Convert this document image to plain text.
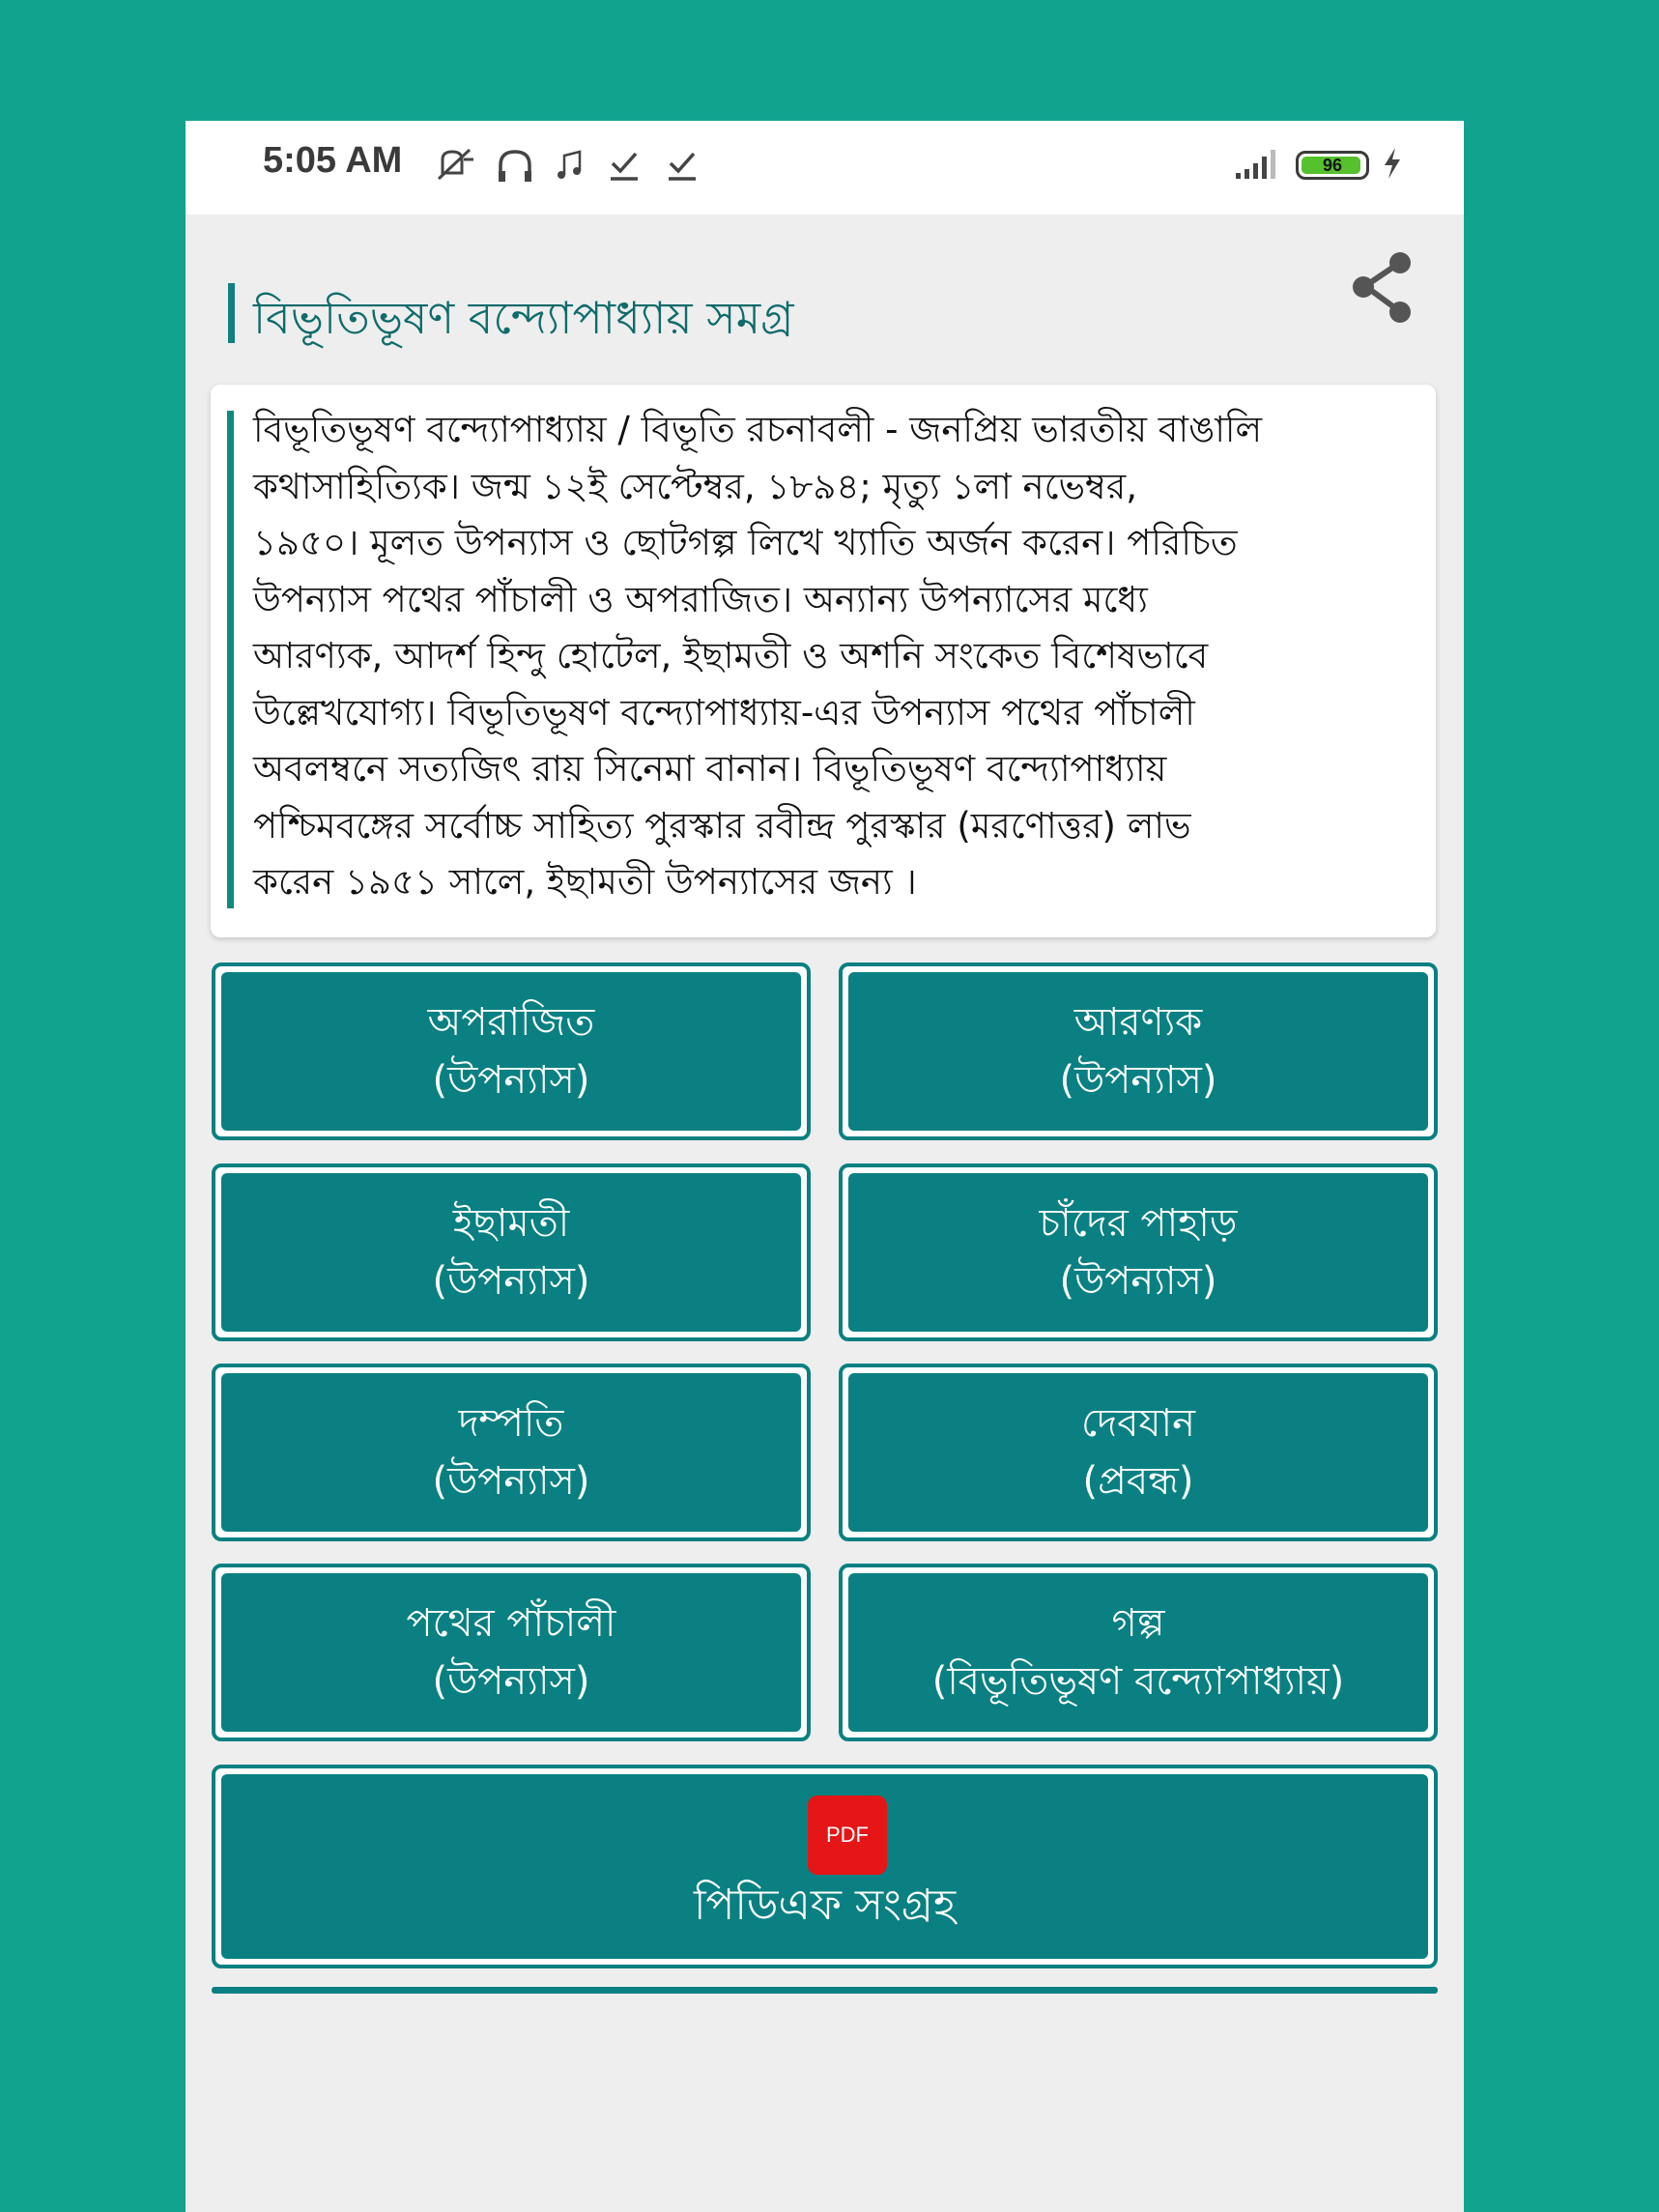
5:05 AM	96
বিভূতিভূষণ বন্দ্যোপাধ্যায় সমগ্র
বিভূতিভূষণ বন্দ্যোপাধ্যায় / বিভূতি রচনাবলী - জনপ্রিয় ভারতীয় বাঙালি
কথাসাহিত্যিক। জন্ম ১২ই সেপ্টেম্বর, ১৮৯৪; মৃত্যু ১লা নভেম্বর,
১৯৫০। মূলত উপন্যাস ও ছোটগল্প লিখে খ্যাতি অর্জন করেন। পরিচিত
উপন্যাস পথের পাঁচালী ও অপরাজিত। অন্যান্য উপন্যাসের মধ্যে
আরণ্যক, আদর্শ হিন্দু হোটেল, ইছামতী ও অশনি সংকেত বিশেষভাবে
উল্লেখযোগ্য। বিভূতিভূষণ বন্দ্যোপাধ্যায়-এর উপন্যাস পথের পাঁচালী
অবলম্বনে সত্যজিৎ রায় সিনেমা বানান। বিভূতিভূষণ বন্দ্যোপাধ্যায়
পশ্চিমবঙ্গের সর্বোচ্চ সাহিত্য পুরস্কার রবীন্দ্র পুরস্কার (মরণোত্তর) লাভ
করেন ১৯৫১ সালে, ইছামতী উপন্যাসের জন্য ।
অপরাজিত
(উপন্যাস)
আরণ্যক
(উপন্যাস)
ইছামতী
(উপন্যাস)
চাঁদের পাহাড়
(উপন্যাস)
দম্পতি
(উপন্যাস)
দেবযান
(প্রবন্ধ)
পথের পাঁচালী
(উপন্যাস)
গল্প
(বিভূতিভূষণ বন্দ্যোপাধ্যায়)
PDF
পিডিএফ সংগ্রহ
